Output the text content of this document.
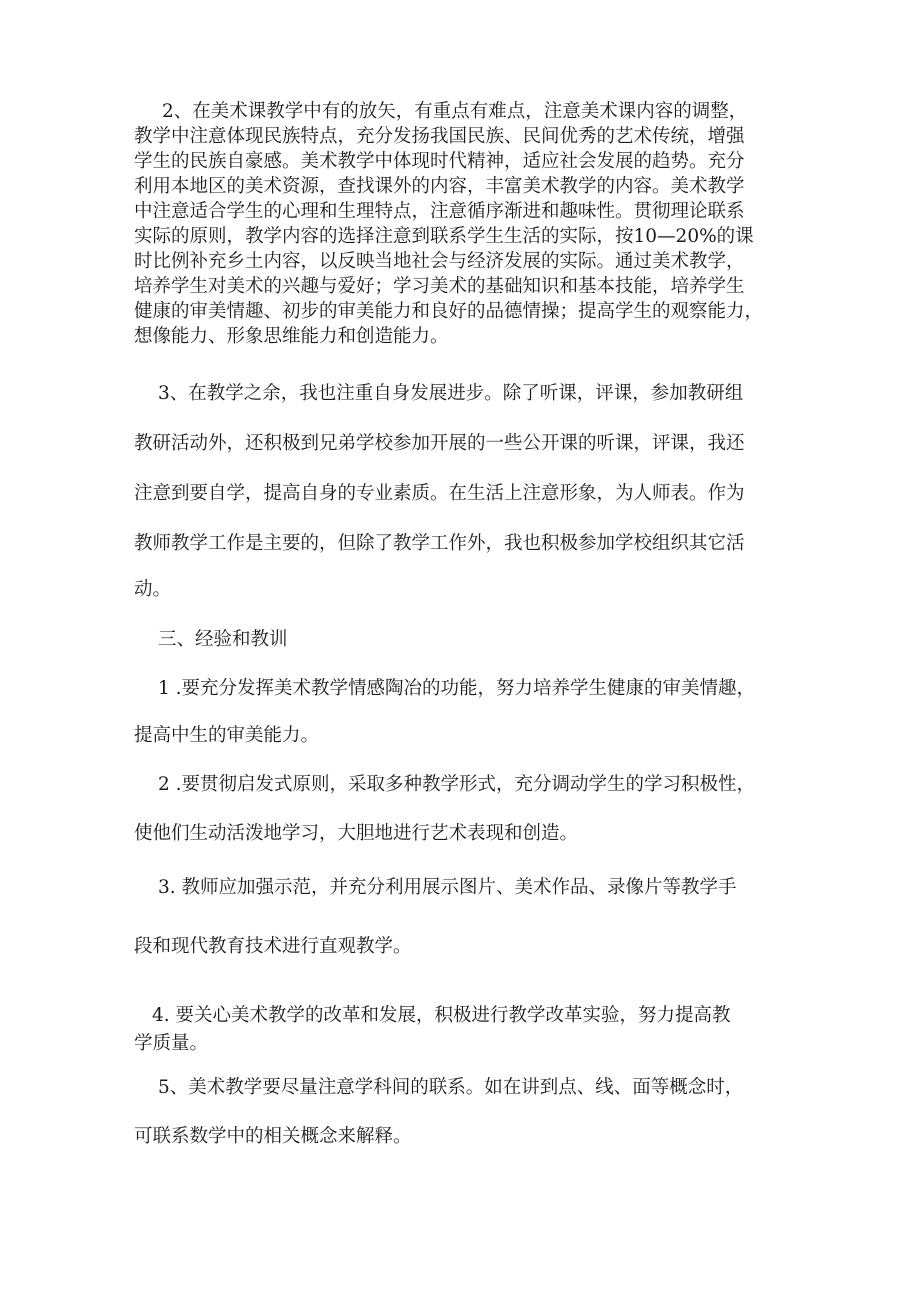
2、在美术课教学中有的放矢，有重点有难点，注意美术课内容的调整，
教学中注意体现民族特点，充分发扬我国民族、民间优秀的艺术传统，增强
学生的民族自豪感。美术教学中体现时代精神，适应社会发展的趋势。充分
利用本地区的美术资源，查找课外的内容，丰富美术教学的内容。美术教学
中注意适合学生的心理和生理特点，注意循序渐进和趣味性。贯彻理论联系
实际的原则，教学内容的选择注意到联系学生生活的实际，按10—20%的课
时比例补充乡土内容，以反映当地社会与经济发展的实际。通过美术教学，
培养学生对美术的兴趣与爱好；学习美术的基础知识和基本技能，培养学生
健康的审美情趣、初步的审美能力和良好的品德情操；提高学生的观察能力，
想像能力、形象思维能力和创造能力。
3、在教学之余，我也注重自身发展进步。除了听课，评课，参加教研组
教研活动外，还积极到兄弟学校参加开展的一些公开课的听课，评课，我还
注意到要自学，提高自身的专业素质。在生活上注意形象，为人师表。作为
教师教学工作是主要的，但除了教学工作外，我也积极参加学校组织其它活
动。
三、经验和教训
1 .要充分发挥美术教学情感陶冶的功能，努力培养学生健康的审美情趣，
提高中生的审美能力。
2 .要贯彻启发式原则，采取多种教学形式，充分调动学生的学习积极性，
使他们生动活泼地学习，大胆地进行艺术表现和创造。
3. 教师应加强示范，并充分利用展示图片、美术作品、录像片等教学手
段和现代教育技术进行直观教学。
4. 要关心美术教学的改革和发展，积极进行教学改革实验，努力提高教
学质量。
5、美术教学要尽量注意学科间的联系。如在讲到点、线、面等概念时，
可联系数学中的相关概念来解释。
